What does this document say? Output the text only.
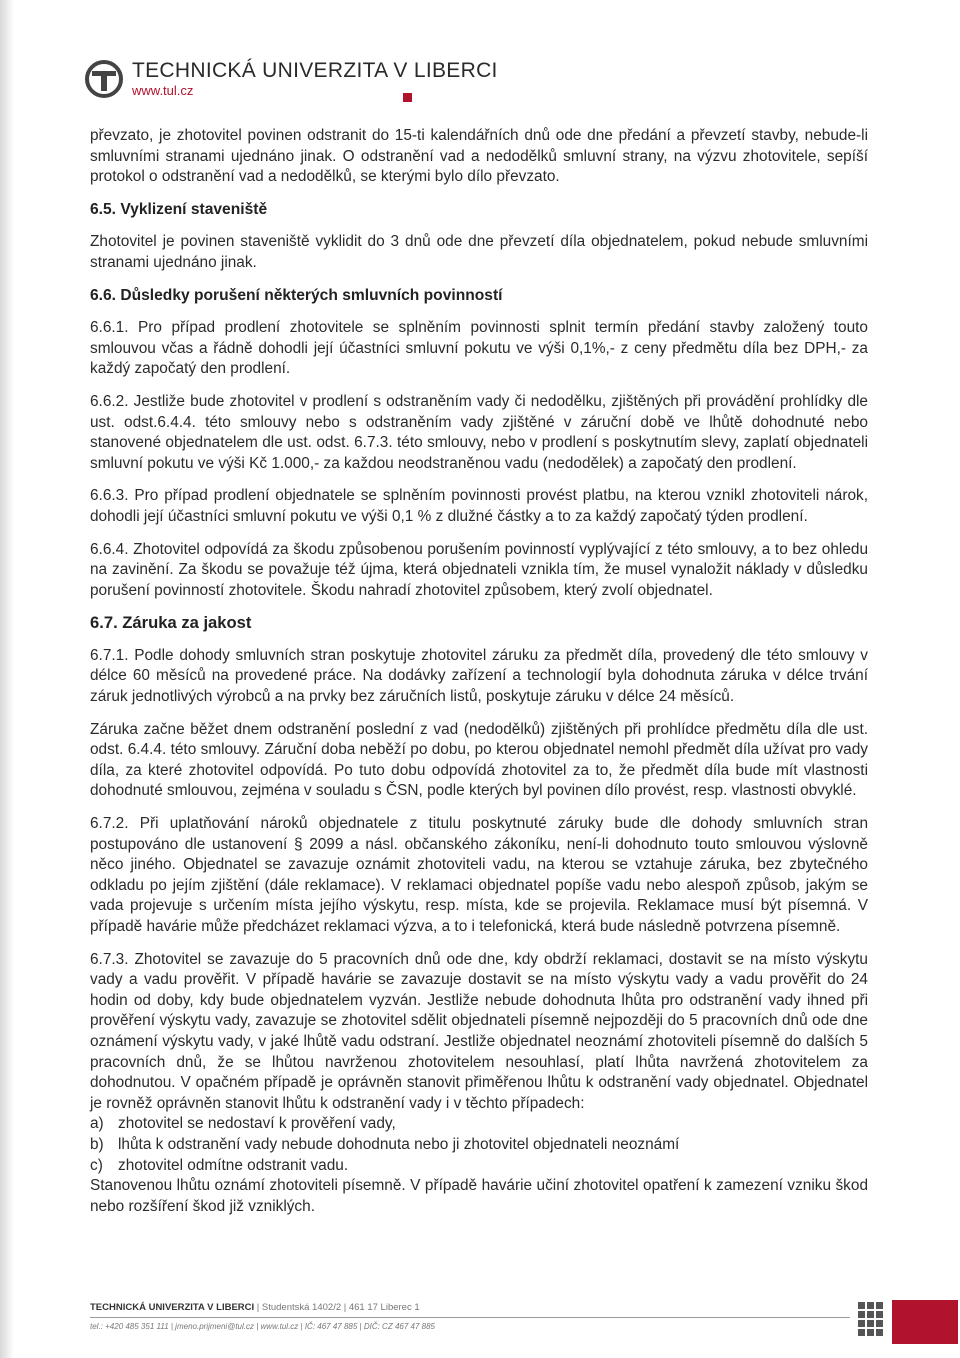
TECHNICKÁ UNIVERZITA V LIBERCI
www.tul.cz

převzato, je zhotovitel povinen odstranit do 15-ti kalendářních dnů ode dne předání a převzetí stavby, nebude-li smluvními stranami ujednáno jinak. O odstranění vad a nedodělků smluvní strany, na výzvu zhotovitele, sepíší protokol o odstranění vad a nedodělků, se kterými bylo dílo převzato.

6.5. Vyklizení staveniště

Zhotovitel je povinen staveniště vyklidit do 3 dnů ode dne převzetí díla objednatelem, pokud nebude smluvními stranami ujednáno jinak.

6.6. Důsledky porušení některých smluvních povinností

6.6.1. Pro případ prodlení zhotovitele se splněním povinnosti splnit termín předání stavby založený touto smlouvou včas a řádně dohodli její účastníci smluvní pokutu ve výši 0,1%,- z ceny předmětu díla bez DPH,- za každý započatý den prodlení.

6.6.2. Jestliže bude zhotovitel v prodlení s odstraněním vady či nedodělku, zjištěných při provádění prohlídky dle ust. odst.6.4.4. této smlouvy nebo s odstraněním vady zjištěné v záruční době ve lhůtě dohodnuté nebo stanovené objednatelem dle ust. odst. 6.7.3. této smlouvy, nebo v prodlení s poskytnutím slevy, zaplatí objednateli smluvní pokutu ve výši Kč 1.000,- za každou neodstraněnou vadu (nedodělek) a započatý den prodlení.

6.6.3. Pro případ prodlení objednatele se splněním povinnosti provést platbu, na kterou vznikl zhotoviteli nárok, dohodli její účastníci smluvní pokutu ve výši 0,1 % z dlužné částky a to za každý započatý týden prodlení.

6.6.4. Zhotovitel odpovídá za škodu způsobenou porušením povinností vyplývající z této smlouvy, a to bez ohledu na zavinění. Za škodu se považuje též újma, která objednateli vznikla tím, že musel vynaložit náklady v důsledku porušení povinností zhotovitele. Škodu nahradí zhotovitel způsobem, který zvolí objednatel.

6.7. Záruka za jakost

6.7.1. Podle dohody smluvních stran poskytuje zhotovitel záruku za předmět díla, provedený dle této smlouvy v délce 60 měsíců na provedené práce. Na dodávky zařízení a technologií byla dohodnuta záruka v délce trvání záruk jednotlivých výrobců a na prvky bez záručních listů, poskytuje záruku v délce 24 měsíců.

Záruka začne běžet dnem odstranění poslední z vad (nedodělků) zjištěných při prohlídce předmětu díla dle ust. odst. 6.4.4. této smlouvy. Záruční doba neběží po dobu, po kterou objednatel nemohl předmět díla užívat pro vady díla, za které zhotovitel odpovídá. Po tuto dobu odpovídá zhotovitel za to, že předmět díla bude mít vlastnosti dohodnuté smlouvou, zejména v souladu s ČSN, podle kterých byl povinen dílo provést, resp. vlastnosti obvyklé.

6.7.2. Při uplatňování nároků objednatele z titulu poskytnuté záruky bude dle dohody smluvních stran postupováno dle ustanovení § 2099 a násl. občanského zákoníku, není-li dohodnuto touto smlouvou výslovně něco jiného. Objednatel se zavazuje oznámit zhotoviteli vadu, na kterou se vztahuje záruka, bez zbytečného odkladu po jejím zjištění (dále reklamace). V reklamaci objednatel popíše vadu nebo alespoň způsob, jakým se vada projevuje s určením místa jejího výskytu, resp. místa, kde se projevila. Reklamace musí být písemná. V případě havárie může předcházet reklamaci výzva, a to i telefonická, která bude následně potvrzena písemně.

6.7.3. Zhotovitel se zavazuje do 5 pracovních dnů ode dne, kdy obdrží reklamaci, dostavit se na místo výskytu vady a vadu prověřit. V případě havárie se zavazuje dostavit se na místo výskytu vady a vadu prověřit do 24 hodin od doby, kdy bude objednatelem vyzván. Jestliže nebude dohodnuta lhůta pro odstranění vady ihned při prověření výskytu vady, zavazuje se zhotovitel sdělit objednateli písemně nejpozději do 5 pracovních dnů ode dne oznámení výskytu vady, v jaké lhůtě vadu odstraní. Jestliže objednatel neoznámí zhotoviteli písemně do dalších 5 pracovních dnů, že se lhůtou navrženou zhotovitelem nesouhlasí, platí lhůta navržená zhotovitelem za dohodnutou. V opačném případě je oprávněn stanovit přiměřenou lhůtu k odstranění vady objednatel. Objednatel je rovněž oprávněn stanovit lhůtu k odstranění vady i v těchto případech:

a) zhotovitel se nedostaví k prověření vady,
b) lhůta k odstranění vady nebude dohodnuta nebo ji zhotovitel objednateli neoznámí
c) zhotovitel odmítne odstranit vadu.

Stanovenou lhůtu oznámí zhotoviteli písemně. V případě havárie učiní zhotovitel opatření k zamezení vzniku škod nebo rozšíření škod již vzniklých.

TECHNICKÁ UNIVERZITA V LIBERCI | Studentská 1402/2 | 461 17 Liberec 1
tel.: +420 485 351 111 | jmeno.prijmeni@tul.cz | www.tul.cz | IČ: 467 47 885 | DIČ: CZ 467 47 885
